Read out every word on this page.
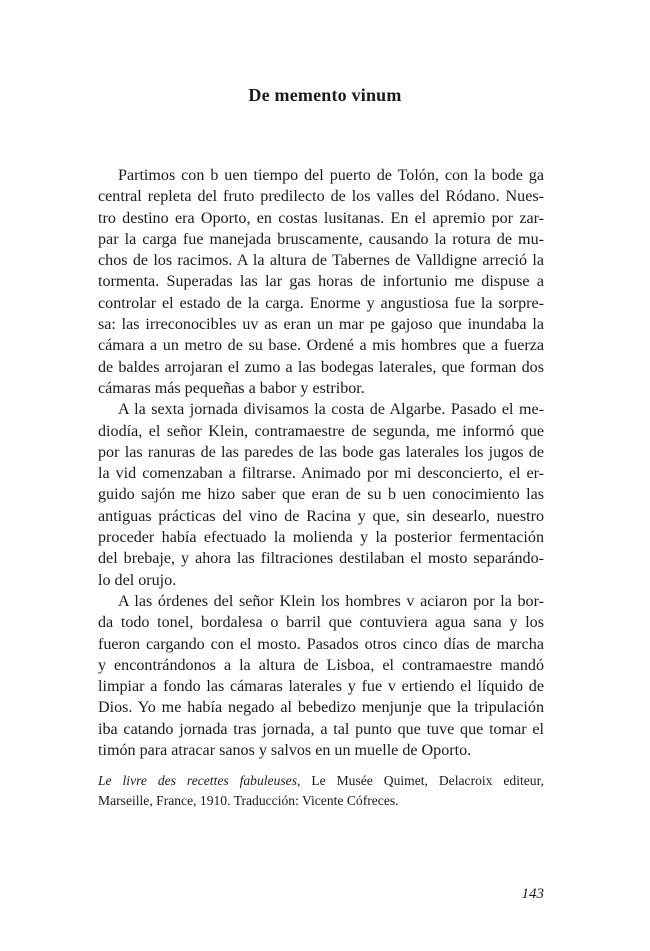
De memento vinum
Partimos con b uen tiempo del puerto de Tolón, con la bode ga
central repleta del fruto predilecto de los valles del Ródano. Nues-
tro destino era Oporto, en costas lusitanas. En el apremio por zar-
par la carga fue manejada bruscamente, causando la rotura de mu-
chos de los racimos. A la altura de Tabernes de Valldigne arreció la
tormenta. Superadas las lar gas horas de infortunio me dispuse a
controlar el estado de la carga. Enorme y angustiosa fue la sorpre-
sa: las irreconocibles uv as eran un mar pe gajoso que inundaba la
cámara a un metro de su base. Ordené a mis hombres que a fuerza
de baldes arrojaran el zumo a las bodegas laterales, que forman dos
cámaras más pequeñas a babor y estribor.
A la sexta jornada divisamos la costa de Algarbe. Pasado el me-
diodía, el señor Klein, contramaestre de segunda, me informó que
por las ranuras de las paredes de las bode gas laterales los jugos de
la vid comenzaban a filtrarse. Animado por mi desconcierto, el er-
guido sajón me hizo saber que eran de su b uen conocimiento las
antiguas prácticas del vino de Racina y que, sin desearlo, nuestro
proceder había efectuado la molienda y la posterior fermentación
del brebaje, y ahora las filtraciones destilaban el mosto separándo-
lo del orujo.
A las órdenes del señor Klein los hombres v aciaron por la bor-
da todo tonel, bordalesa o barril que contuviera agua sana y los
fueron cargando con el mosto. Pasados otros cinco días de marcha
y encontrándonos a la altura de Lisboa, el contramaestre mandó
limpiar a fondo las cámaras laterales y fue v ertiendo el líquido de
Dios. Yo me había negado al bebedizo menjunje que la tripulación
iba catando jornada tras jornada, a tal punto que tuve que tomar el
timón para atracar sanos y salvos en un muelle de Oporto.
Le livre des recettes fabuleuses, Le Musée Quimet, Delacroix editeur,
Marseille, France, 1910. Traducción: Vicente Cófreces.
143
